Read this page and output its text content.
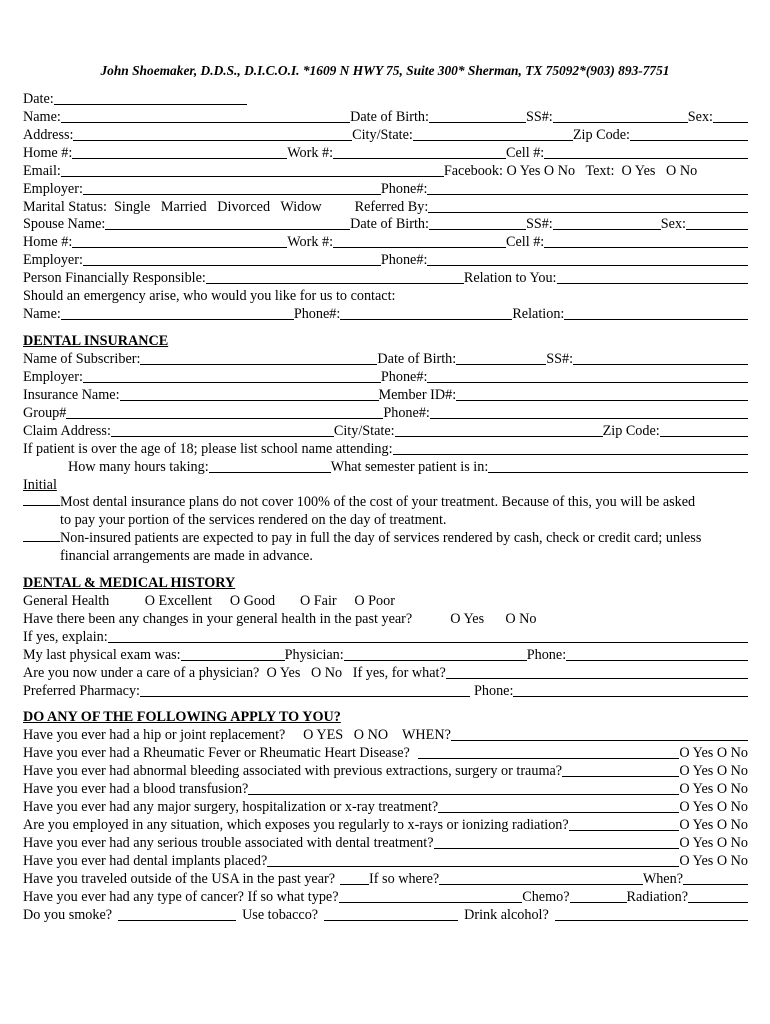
John Shoemaker, D.D.S., D.I.C.O.I. *1609 N HWY 75, Suite 300* Sherman, TX 75092*(903) 893-7751
Date:
Name:	Date of Birth:	SS#:	Sex:
Address:	City/State:	Zip Code:
Home #:	Work #:	Cell #:
Email:	Facebook: O Yes O No   Text:  O Yes   O No
Employer:	Phone#:
Marital Status:  Single   Married   Divorced   Widow Referred By:
Spouse Name:	Date of Birth:	SS#:	Sex:
Home #:	Work #:	Cell #:
Employer:	Phone#:
Person Financially Responsible:	Relation to You:
Should an emergency arise, who would you like for us to contact:
Name:	Phone#:	Relation:
DENTAL INSURANCE
Name of Subscriber:	Date of Birth:	SS#:
Employer:	Phone#:
Insurance Name:	Member ID#:
Group#	Phone#:
Claim Address:	City/State:	Zip Code:
If patient is over the age of 18; please list school name attending:
How many hours taking:	What semester patient is in:
Initial
Most dental insurance plans do not cover 100% of the cost of your treatment. Because of this, you will be asked
to pay your portion of the services rendered on the day of treatment.
Non-insured patients are expected to pay in full the day of services rendered by cash, check or credit card; unless
financial arrangements are made in advance.
DENTAL & MEDICAL HISTORY
General Health          O Excellent     O Good       O Fair     O Poor
Have there been any changes in your general health in the past year?	O Yes      O No
If yes, explain:
My last physical exam was:	Physician:	Phone:
Are you now under a care of a physician?  O Yes   O No   If yes, for what?
Preferred Pharmacy:	Phone:
DO ANY OF THE FOLLOWING APPLY TO YOU?
Have you ever had a hip or joint replacement?     O YES   O NO    WHEN?
Have you ever had a Rheumatic Fever or Rheumatic Heart Disease?	O Yes O No
Have you ever had abnormal bleeding associated with previous extractions, surgery or trauma?	O Yes O No
Have you ever had a blood transfusion?	O Yes O No
Have you ever had any major surgery, hospitalization or x-ray treatment?	O Yes O No
Are you employed in any situation, which exposes you regularly to x-rays or ionizing radiation?	O Yes O No
Have you ever had any serious trouble associated with dental treatment?	O Yes O No
Have you ever had dental implants placed?	O Yes O No
Have you traveled outside of the USA in the past year? If so where?	When?
Have you ever had any type of cancer? If so what type?	Chemo?	Radiation?
Do you smoke?	Use tobacco?	Drink alcohol?
